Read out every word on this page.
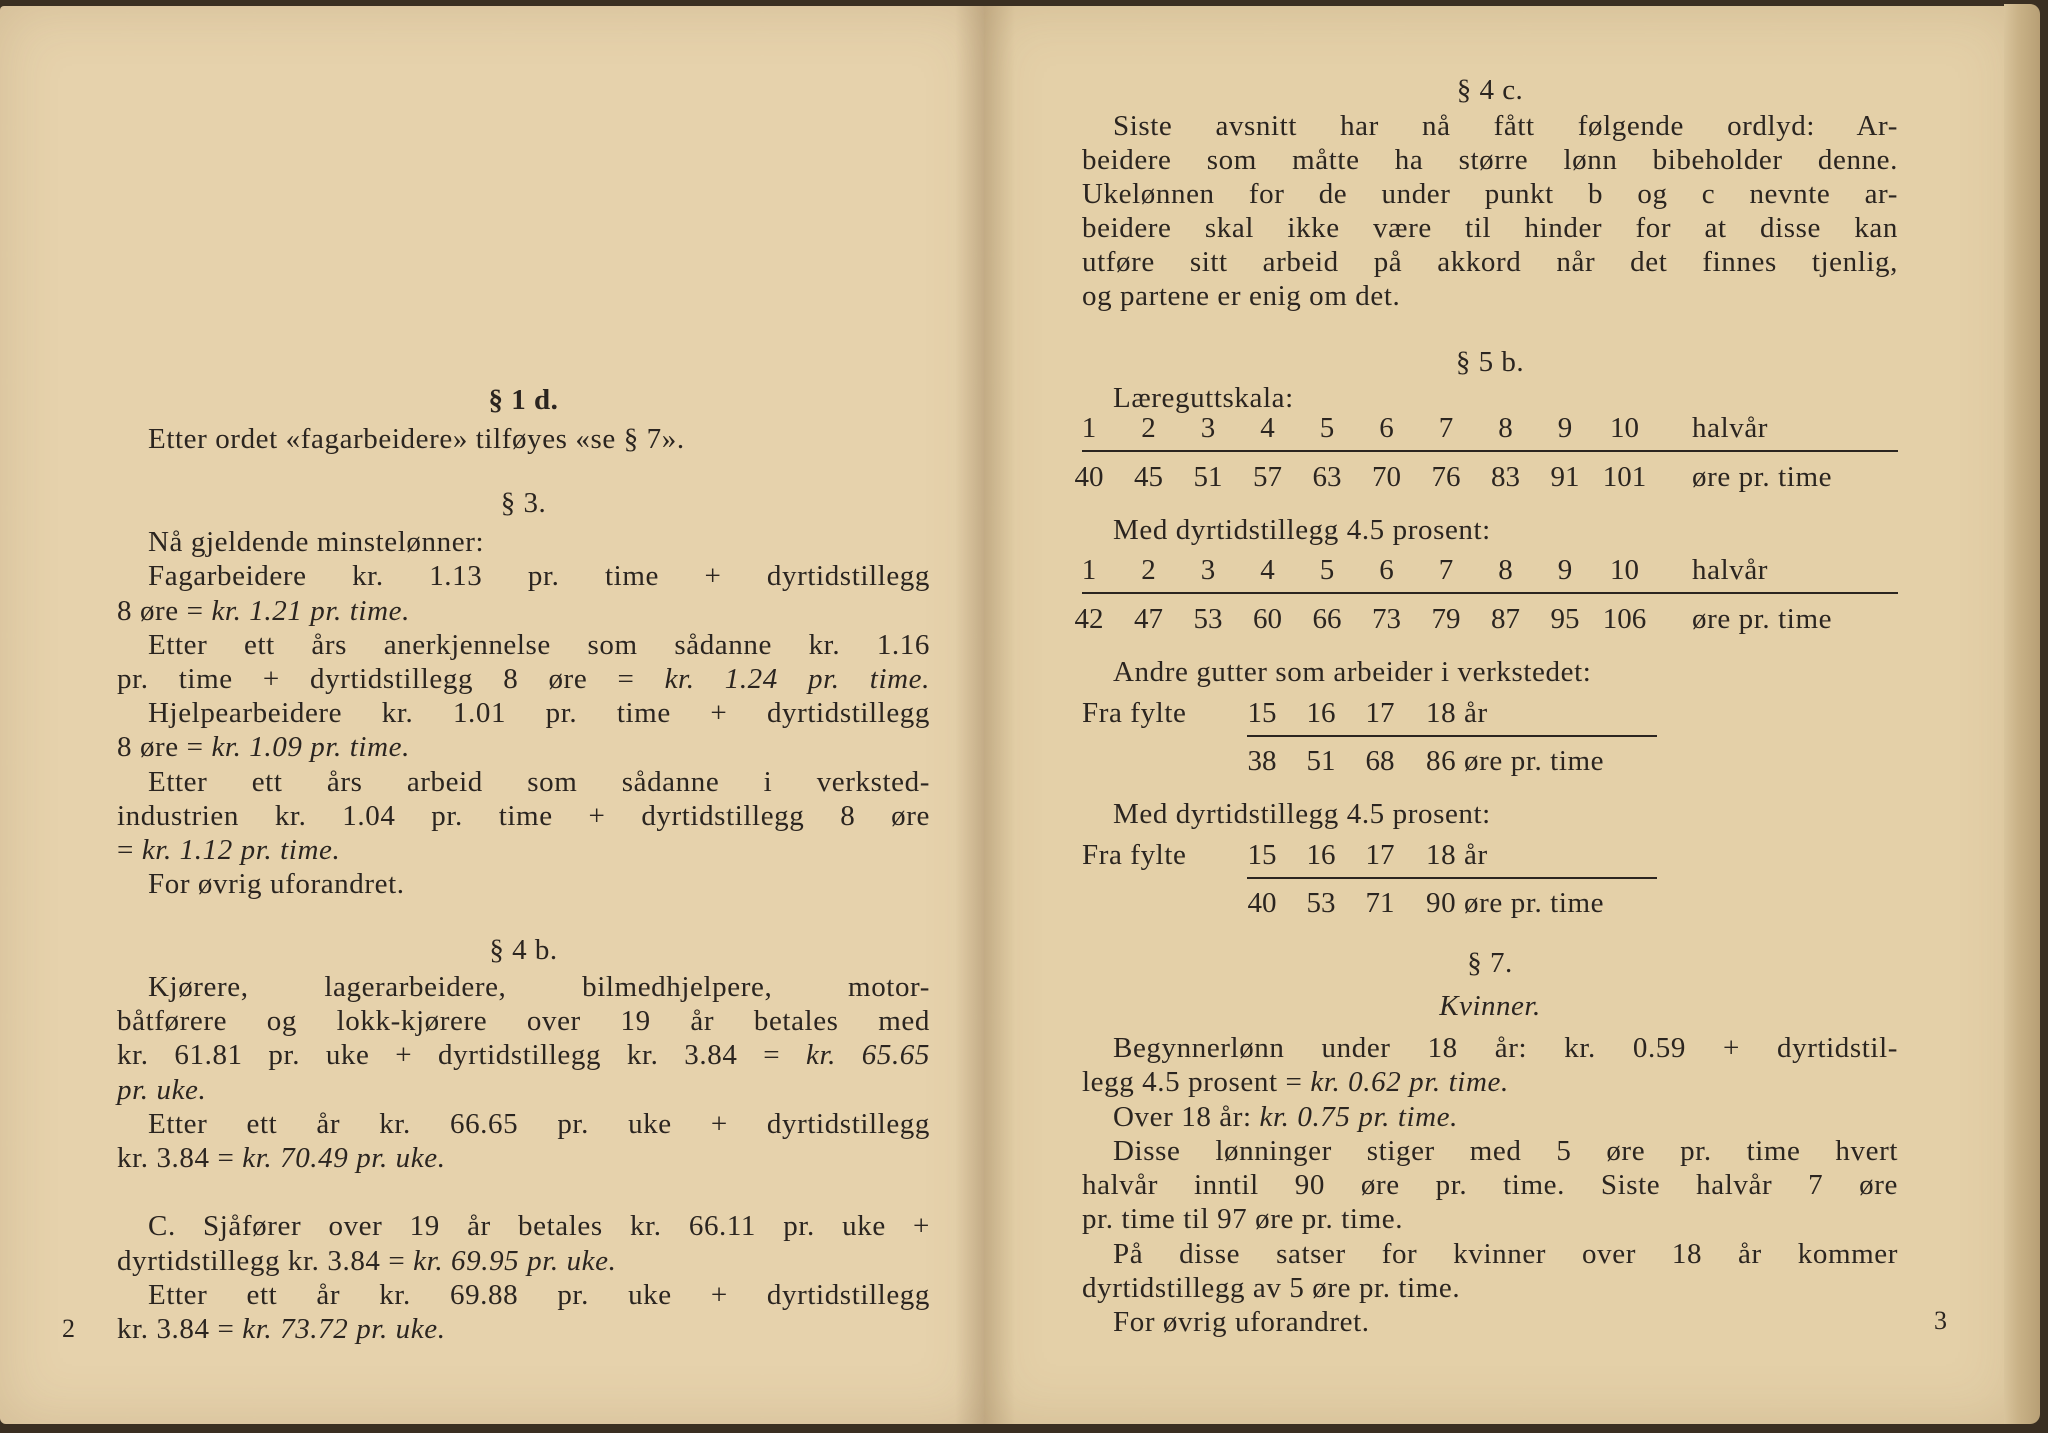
§ 1 d.
Etter ordet «fagarbeidere» tilføyes «se § 7».
§ 3.
Nå gjeldende minstelønner:
Fagarbeidere kr. 1.13 pr. time + dyrtidstillegg
8 øre = kr. 1.21 pr. time.
Etter ett års anerkjennelse som sådanne kr. 1.16
pr. time + dyrtidstillegg 8 øre = kr. 1.24 pr. time.
Hjelpearbeidere kr. 1.01 pr. time + dyrtidstillegg
8 øre = kr. 1.09 pr. time.
Etter ett års arbeid som sådanne i verksted-
industrien kr. 1.04 pr. time + dyrtidstillegg 8 øre
= kr. 1.12 pr. time.
For øvrig uforandret.
§ 4 b.
Kjørere, lagerarbeidere, bilmedhjelpere, motor-
båtførere og lokk-kjørere over 19 år betales med
kr. 61.81 pr. uke + dyrtidstillegg kr. 3.84 = kr. 65.65
pr. uke.
Etter ett år kr. 66.65 pr. uke + dyrtidstillegg
kr. 3.84 = kr. 70.49 pr. uke.
C. Sjåfører over 19 år betales kr. 66.11 pr. uke +
dyrtidstillegg kr. 3.84 = kr. 69.95 pr. uke.
Etter ett år kr. 69.88 pr. uke + dyrtidstillegg
kr. 3.84 = kr. 73.72 pr. uke.
2
§ 4 c.
Siste avsnitt har nå fått følgende ordlyd: Ar-
beidere som måtte ha større lønn bibeholder denne.
Ukelønnen for de under punkt b og c nevnte ar-
beidere skal ikke være til hinder for at disse kan
utføre sitt arbeid på akkord når det finnes tjenlig,
og partene er enig om det.
§ 5 b.
Læreguttskala:
1	2	3	4	5	6	7	8	9	10	halvår
40	45	51	57	63	70	76	83	91 101 øre pr. time
Med dyrtidstillegg 4.5 prosent:
1	2	3	4	5	6	7	8	9	10	halvår
42	47	53	60	66	73	79	87	95 106 øre pr. time
Andre gutter som arbeider i verkstedet:
Fra fylte	15	16	17	18 år
38	51	68	86 øre pr. time
Med dyrtidstillegg 4.5 prosent:
Fra fylte	15	16	17	18 år
40	53	71	90 øre pr. time
§ 7.
Kvinner.
Begynnerlønn under 18 år: kr. 0.59 + dyrtidstil-
legg 4.5 prosent = kr. 0.62 pr. time.
Over 18 år: kr. 0.75 pr. time.
Disse lønninger stiger med 5 øre pr. time hvert
halvår inntil 90 øre pr. time. Siste halvår 7 øre
pr. time til 97 øre pr. time.
På disse satser for kvinner over 18 år kommer
dyrtidstillegg av 5 øre pr. time.
For øvrig uforandret.	3
